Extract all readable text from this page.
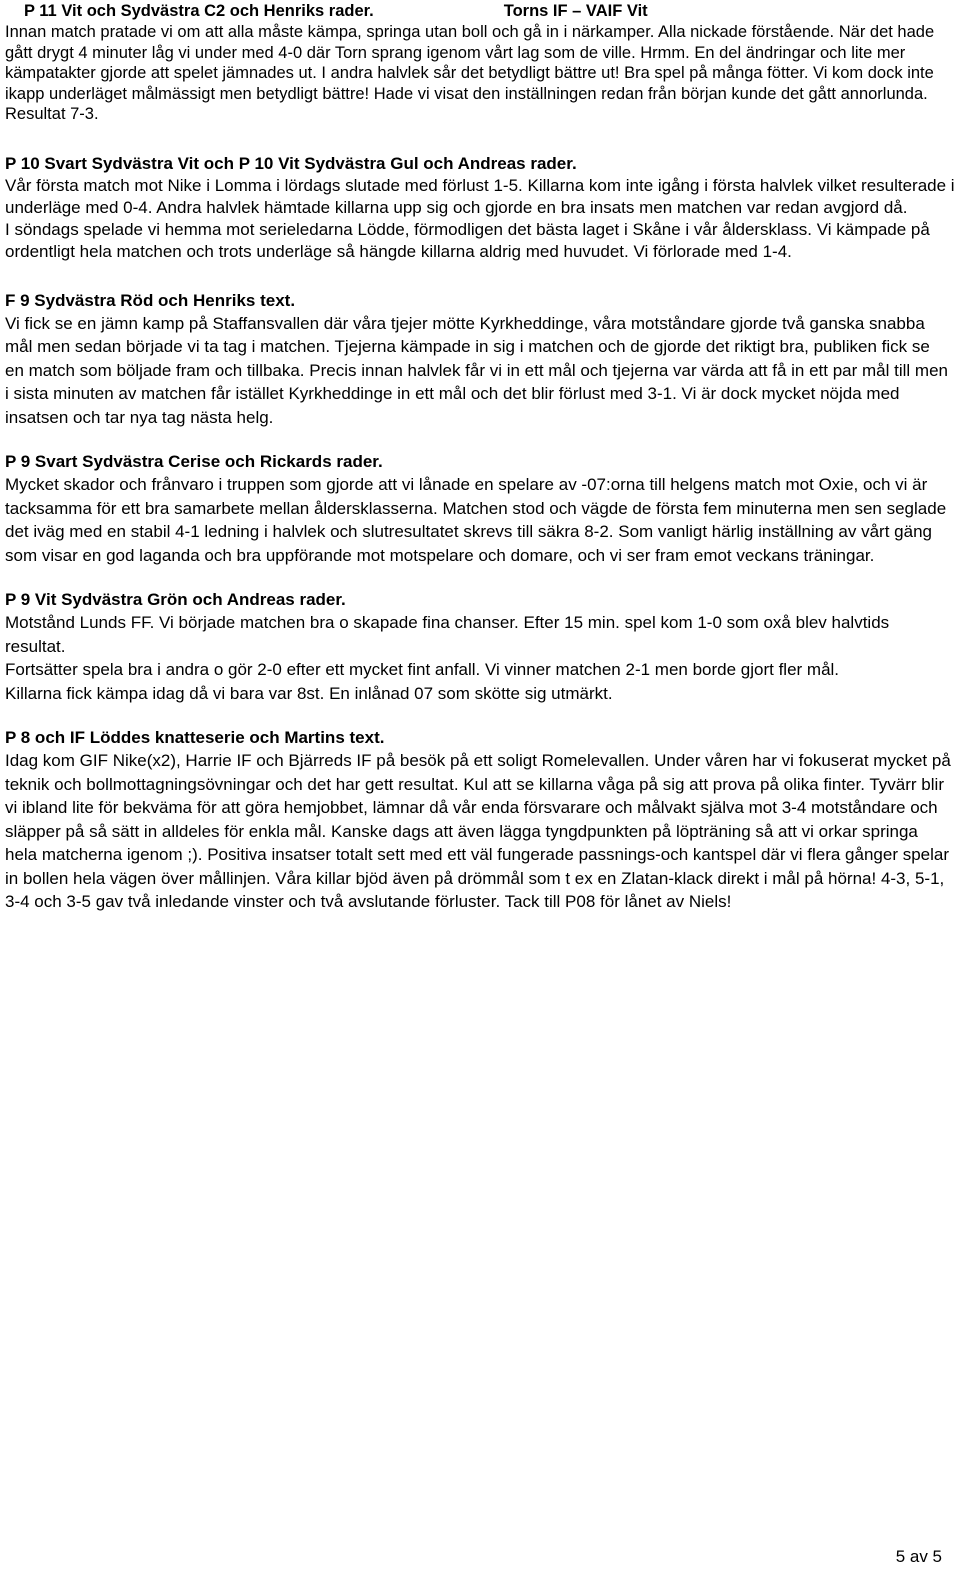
P 11 Vit och Sydvästra C2 och Henriks rader.	Torns IF – VAIF Vit

Innan match pratade vi om att alla måste kämpa, springa utan boll och gå in i närkamper. Alla nickade förstående. När det hade gått drygt 4 minuter låg vi under med 4-0 där Torn sprang igenom vårt lag som de ville. Hrmm. En del ändringar och lite mer kämpatakter gjorde att spelet jämnades ut. I andra halvlek sår det betydligt bättre ut! Bra spel på många fötter. Vi kom dock inte ikapp underläget målmässigt men betydligt bättre! Hade vi visat den inställningen redan från början kunde det gått annorlunda. Resultat 7-3.

P 10 Svart Sydvästra Vit och P 10 Vit Sydvästra Gul och Andreas rader.

Vår första match mot Nike i Lomma i lördags slutade med förlust 1-5. Killarna kom inte igång i första halvlek vilket resulterade i underläge med 0-4. Andra halvlek hämtade killarna upp sig och gjorde en bra insats men matchen var redan avgjord då.

I söndags spelade vi hemma mot serieledarna Lödde, förmodligen det bästa laget i Skåne i vår åldersklass. Vi kämpade på ordentligt hela matchen och trots underläge så hängde killarna aldrig med huvudet. Vi förlorade med 1-4.

F 9 Sydvästra Röd och Henriks text.

Vi fick se en jämn kamp på Staffansvallen där våra tjejer mötte Kyrkheddinge, våra motståndare gjorde två ganska snabba mål men sedan började vi ta tag i matchen. Tjejerna kämpade in sig i matchen och de gjorde det riktigt bra, publiken fick se en match som böljade fram och tillbaka. Precis innan halvlek får vi in ett mål och tjejerna var värda att få in ett par mål till men i sista minuten av matchen får istället Kyrkheddinge in ett mål och det blir förlust med 3-1. Vi är dock mycket nöjda med insatsen och tar nya tag nästa helg.

P 9 Svart Sydvästra Cerise och Rickards rader.

Mycket skador och frånvaro i truppen som gjorde att vi lånade en spelare av -07:orna till helgens match mot Oxie, och vi är tacksamma för ett bra samarbete mellan åldersklasserna. Matchen stod och vägde de första fem minuterna men sen seglade det iväg med en stabil 4-1 ledning i halvlek och slutresultatet skrevs till säkra 8-2. Som vanligt härlig inställning av vårt gäng som visar en god laganda och bra uppförande mot motspelare och domare, och vi ser fram emot veckans träningar.

P 9 Vit Sydvästra Grön och Andreas rader.

Motstånd Lunds FF. Vi började matchen bra o skapade fina chanser. Efter 15 min. spel kom 1-0 som oxå blev halvtids resultat.

Fortsätter spela bra i andra o gör 2-0 efter ett mycket fint anfall. Vi vinner matchen 2-1 men borde gjort fler mål.

Killarna fick kämpa idag då vi bara var 8st. En inlånad 07 som skötte sig utmärkt.

P 8 och IF Löddes knatteserie och Martins text.

Idag kom GIF Nike(x2), Harrie IF och Bjärreds IF på besök på ett soligt Romelevallen. Under våren har vi fokuserat mycket på teknik och bollmottagningsövningar och det har gett resultat. Kul att se killarna våga på sig att prova på olika finter. Tyvärr blir vi ibland lite för bekväma för att göra hemjobbet, lämnar då vår enda försvarare och målvakt själva mot 3-4 motståndare och släpper på så sätt in alldeles för enkla mål. Kanske dags att även lägga tyngdpunkten på löpträning så att vi orkar springa hela matcherna igenom ;). Positiva insatser totalt sett med ett väl fungerade passnings-och kantspel där vi flera gånger spelar in bollen hela vägen över mållinjen. Våra killar bjöd även på drömmål som t ex en Zlatan-klack direkt i mål på hörna! 4-3, 5-1, 3-4 och 3-5 gav två inledande vinster och två avslutande förluster. Tack till P08 för lånet av Niels!

5 av 5
